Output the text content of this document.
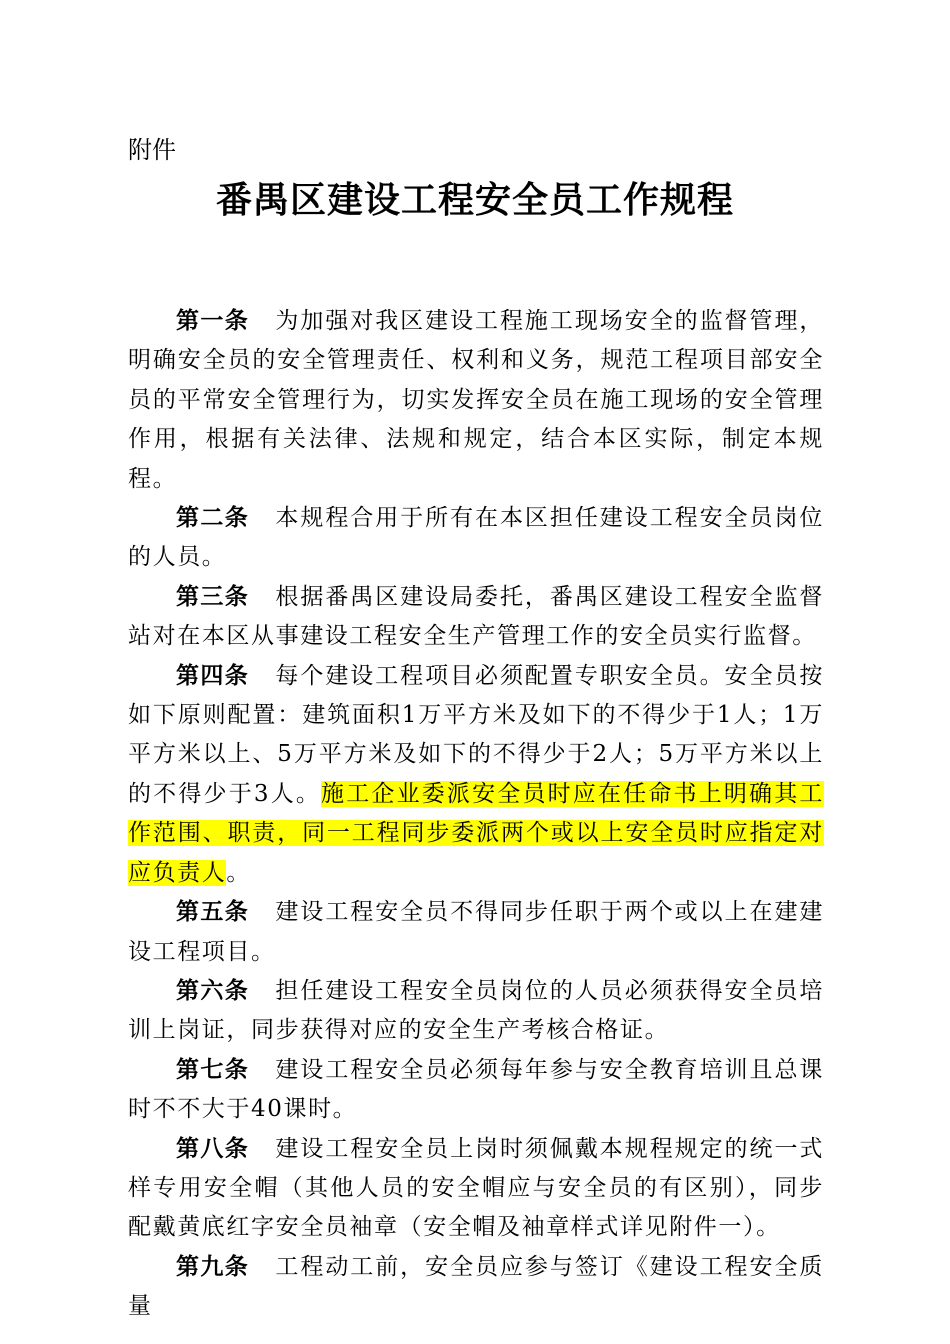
附件
番禺区建设工程安全员工作规程

第一条 为加强对我区建设工程施工现场安全的监督管理，明确安全员的安全管理责任、权利和义务，规范工程项目部安全员的平常安全管理行为，切实发挥安全员在施工现场的安全管理作用，根据有关法律、法规和规定，结合本区实际，制定本规程。

第二条 本规程合用于所有在本区担任建设工程安全员岗位的人员。

第三条 根据番禺区建设局委托，番禺区建设工程安全监督站对在本区从事建设工程安全生产管理工作的安全员实行监督。

第四条 每个建设工程项目必须配置专职安全员。安全员按如下原则配置：建筑面积1万平方米及如下的不得少于1人；1万平方米以上、5万平方米及如下的不得少于2人；5万平方米以上的不得少于3人。施工企业委派安全员时应在任命书上明确其工作范围、职责，同一工程同步委派两个或以上安全员时应指定对应负责人。

第五条 建设工程安全员不得同步任职于两个或以上在建建设工程项目。

第六条 担任建设工程安全员岗位的人员必须获得安全员培训上岗证，同步获得对应的安全生产考核合格证。

第七条 建设工程安全员必须每年参与安全教育培训且总课时不不大于40课时。

第八条 建设工程安全员上岗时须佩戴本规程规定的统一式样专用安全帽（其他人员的安全帽应与安全员的有区别），同步配戴黄底红字安全员袖章（安全帽及袖章样式详见附件一）。

第九条 工程动工前，安全员应参与签订《建设工程安全质量
